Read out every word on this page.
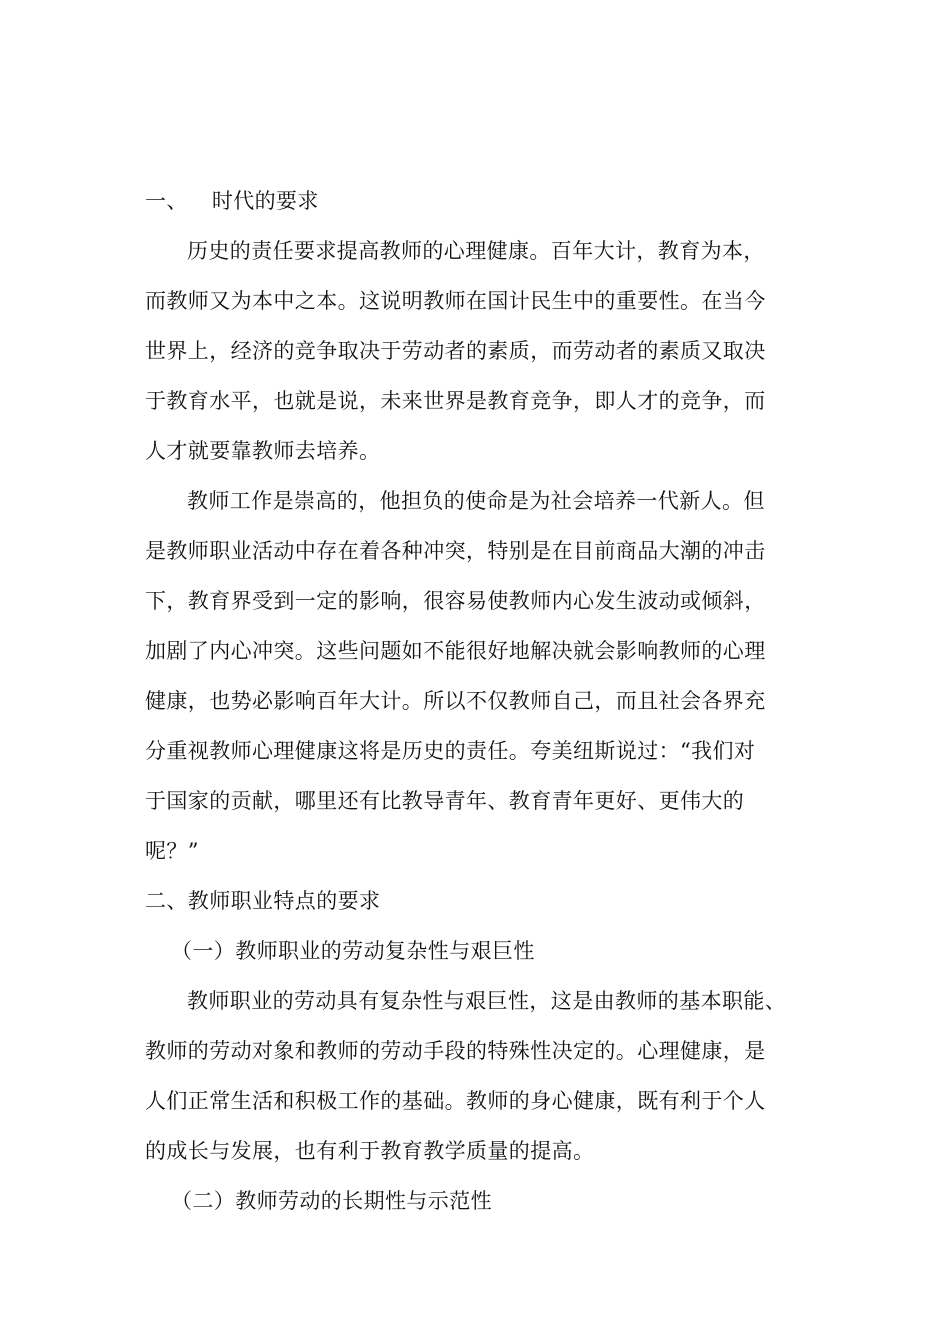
一、 时代的要求
历史的责任要求提高教师的心理健康。百年大计，教育为本，
而教师又为本中之本。这说明教师在国计民生中的重要性。在当今
世界上，经济的竞争取决于劳动者的素质，而劳动者的素质又取决
于教育水平，也就是说，未来世界是教育竞争，即人才的竞争，而
人才就要靠教师去培养。
教师工作是崇高的，他担负的使命是为社会培养一代新人。但
是教师职业活动中存在着各种冲突，特别是在目前商品大潮的冲击
下，教育界受到一定的影响，很容易使教师内心发生波动或倾斜，
加剧了内心冲突。这些问题如不能很好地解决就会影响教师的心理
健康，也势必影响百年大计。所以不仅教师自己，而且社会各界充
分重视教师心理健康这将是历史的责任。夸美纽斯说过：“我们对
于国家的贡献，哪里还有比教导青年、教育青年更好、更伟大的
呢？”
二、教师职业特点的要求
（一）教师职业的劳动复杂性与艰巨性
教师职业的劳动具有复杂性与艰巨性，这是由教师的基本职能、
教师的劳动对象和教师的劳动手段的特殊性决定的。心理健康，是
人们正常生活和积极工作的基础。教师的身心健康，既有利于个人
的成长与发展，也有利于教育教学质量的提高。
（二）教师劳动的长期性与示范性
